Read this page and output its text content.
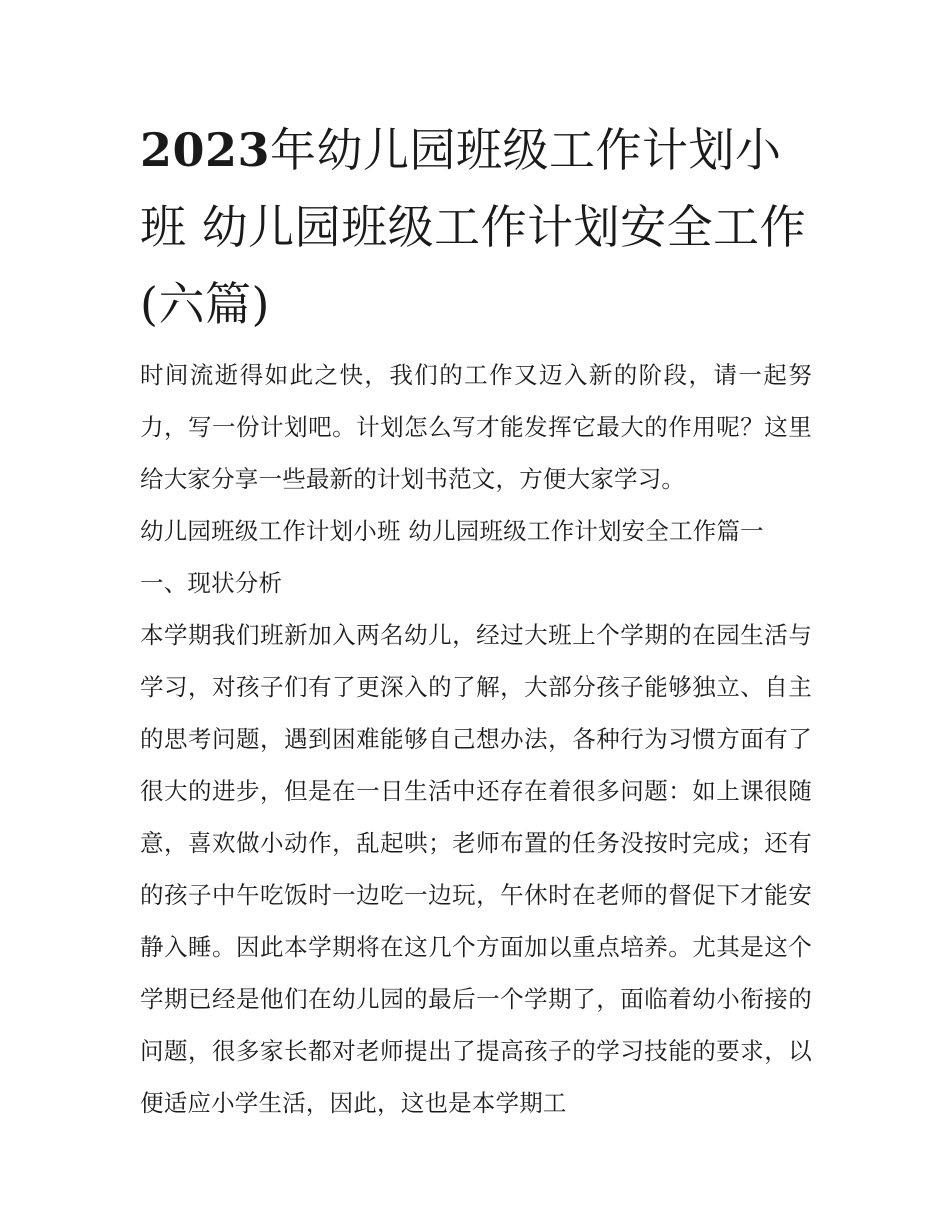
2023年幼儿园班级工作计划小班 幼儿园班级工作计划安全工作(六篇)

时间流逝得如此之快，我们的工作又迈入新的阶段，请一起努力，写一份计划吧。计划怎么写才能发挥它最大的作用呢？这里给大家分享一些最新的计划书范文，方便大家学习。

幼儿园班级工作计划小班 幼儿园班级工作计划安全工作篇一

一、现状分析

本学期我们班新加入两名幼儿，经过大班上个学期的在园生活与学习，对孩子们有了更深入的了解，大部分孩子能够独立、自主的思考问题，遇到困难能够自己想办法，各种行为习惯方面有了很大的进步，但是在一日生活中还存在着很多问题：如上课很随意，喜欢做小动作，乱起哄；老师布置的任务没按时完成；还有的孩子中午吃饭时一边吃一边玩，午休时在老师的督促下才能安静入睡。因此本学期将在这几个方面加以重点培养。尤其是这个学期已经是他们在幼儿园的最后一个学期了，面临着幼小衔接的问题，很多家长都对老师提出了提高孩子的学习技能的要求，以便适应小学生活，因此，这也是本学期工
